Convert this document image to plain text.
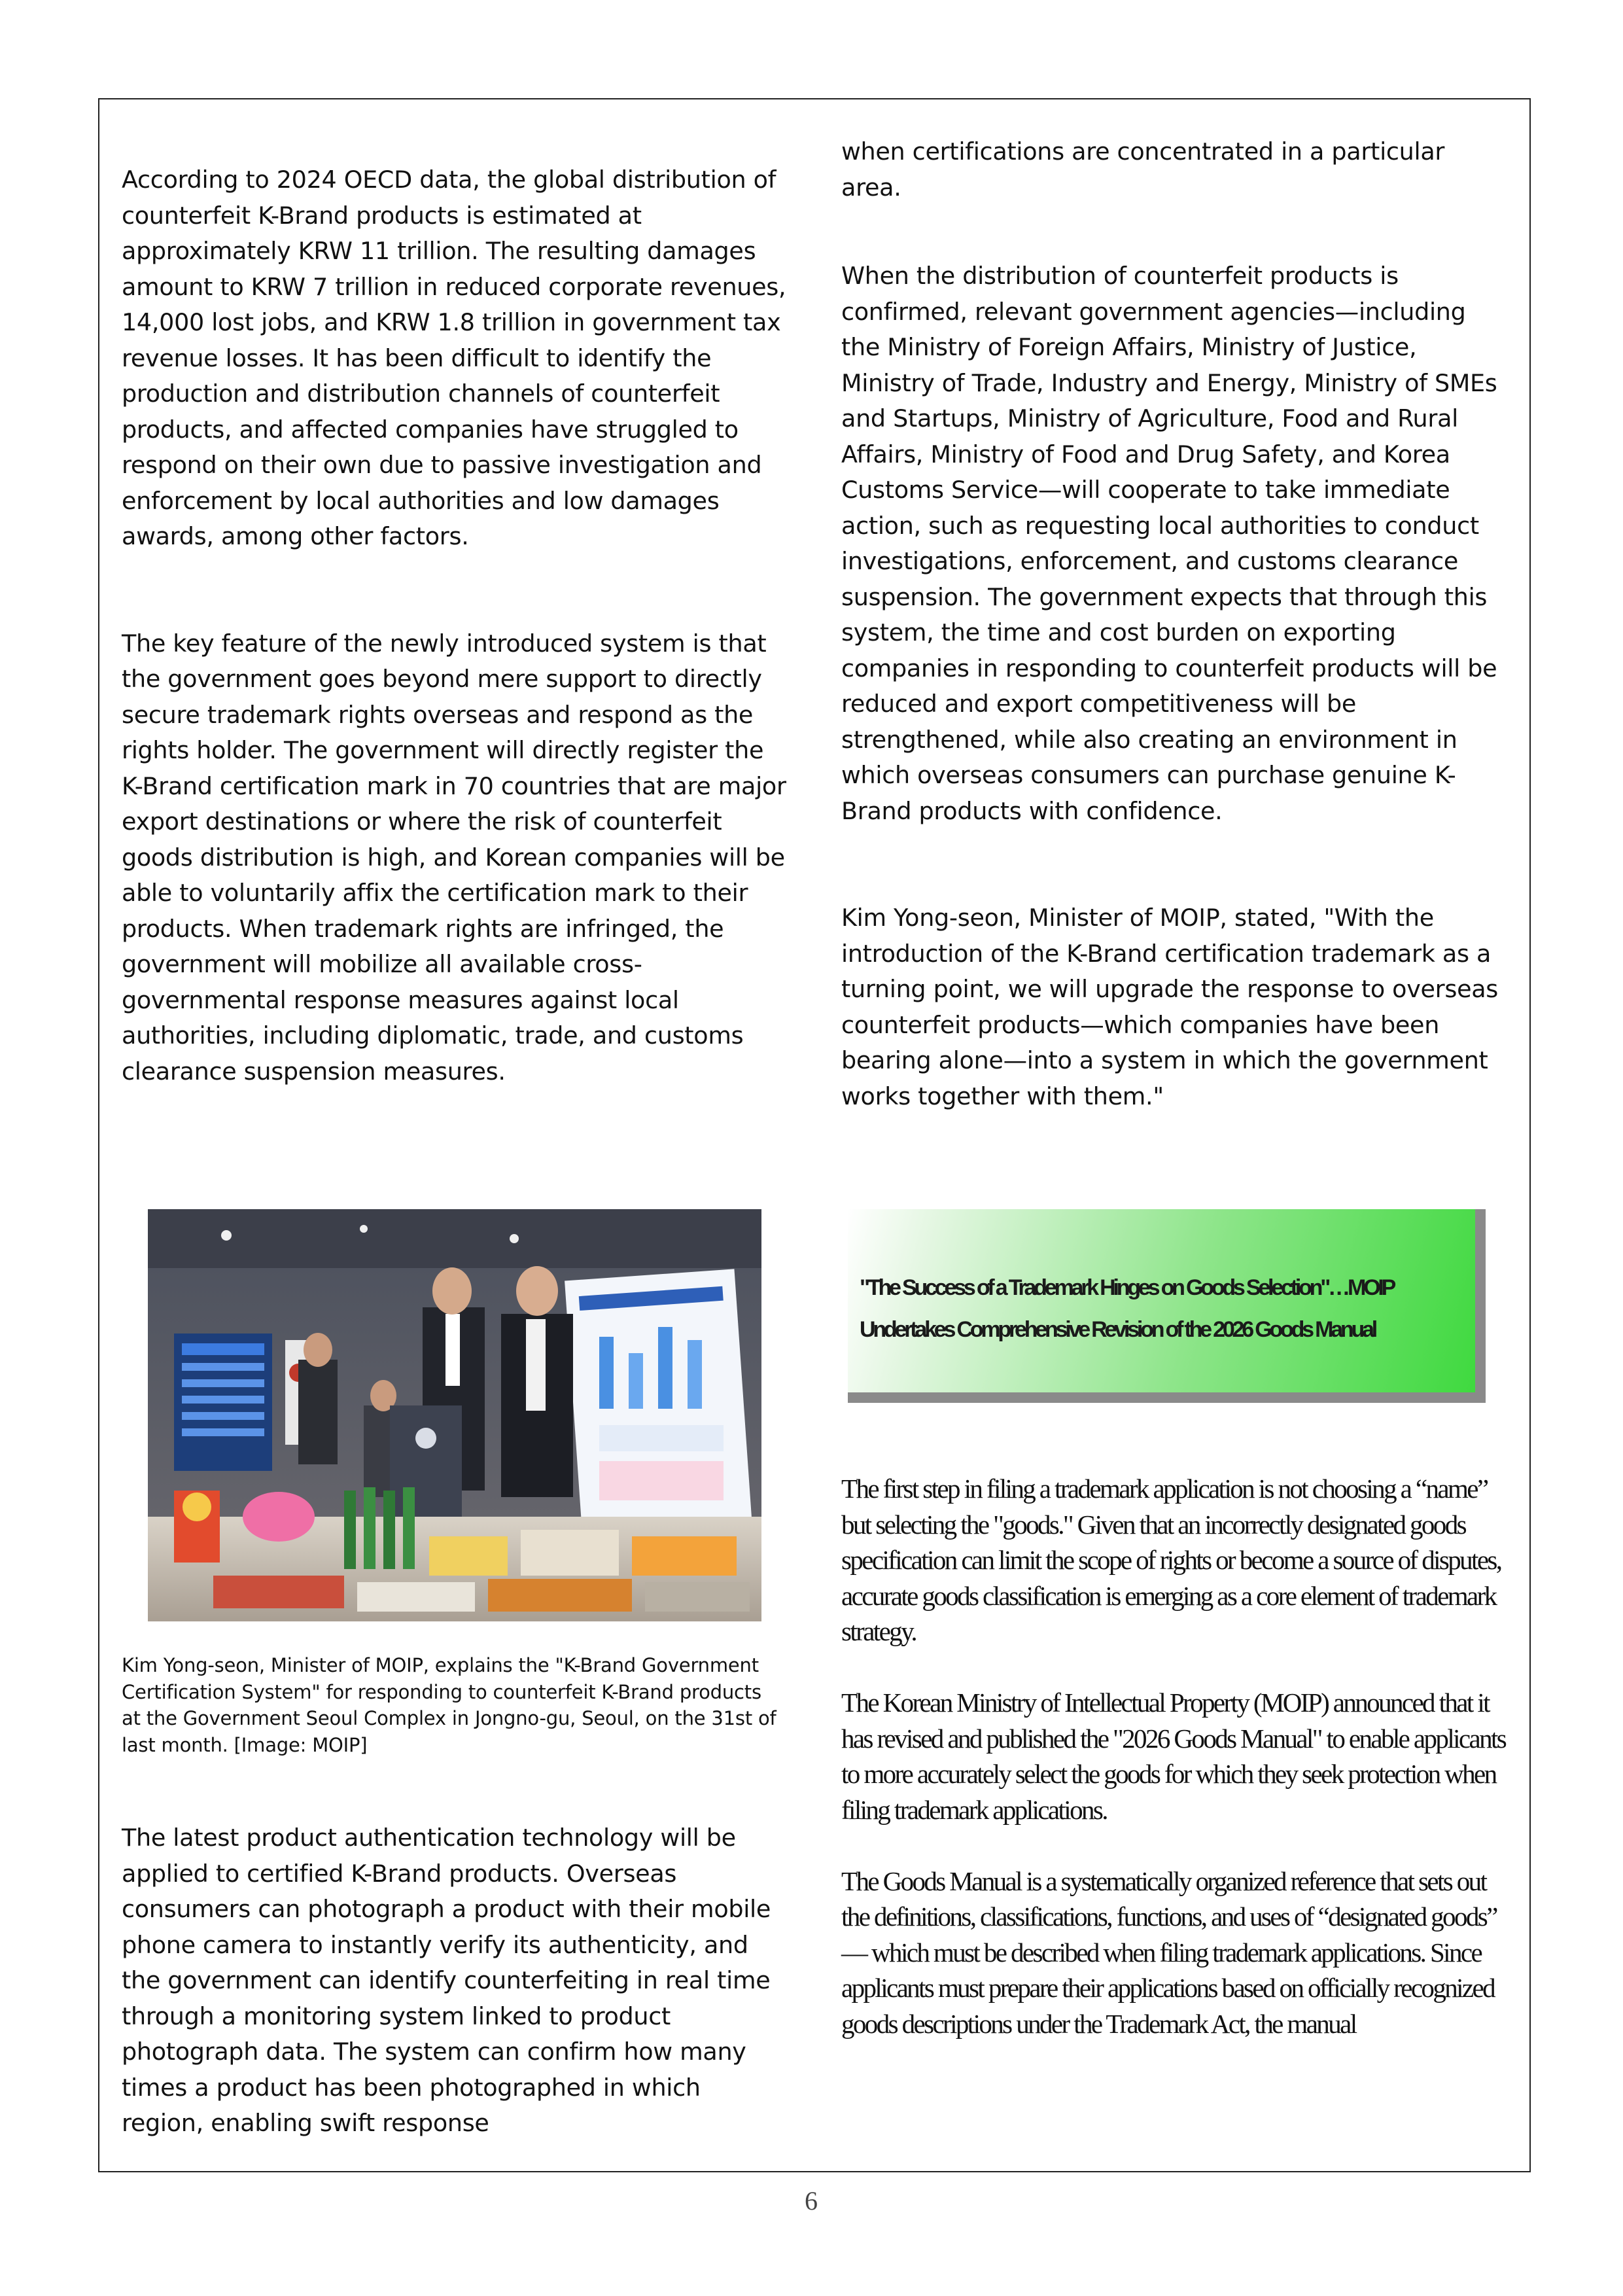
According to 2024 OECD data, the global distribution of counterfeit K-Brand products is estimated at approximately KRW 11 trillion. The resulting damages amount to KRW 7 trillion in reduced corporate revenues, 14,000 lost jobs, and KRW 1.8 trillion in government tax revenue losses. It has been difficult to identify the production and distribution channels of counterfeit products, and affected companies have struggled to respond on their own due to passive investigation and enforcement by local authorities and low damages awards, among other factors.

The key feature of the newly introduced system is that the government goes beyond mere support to directly secure trademark rights overseas and respond as the rights holder. The government will directly register the K-Brand certification mark in 70 countries that are major export destinations or where the risk of counterfeit goods distribution is high, and Korean companies will be able to voluntarily affix the certification mark to their products. When trademark rights are infringed, the government will mobilize all available cross-governmental response measures against local authorities, including diplomatic, trade, and customs clearance suspension measures.

when certifications are concentrated in a particular area.

When the distribution of counterfeit products is confirmed, relevant government agencies—including the Ministry of Foreign Affairs, Ministry of Justice, Ministry of Trade, Industry and Energy, Ministry of SMEs and Startups, Ministry of Agriculture, Food and Rural Affairs, Ministry of Food and Drug Safety, and Korea Customs Service—will cooperate to take immediate action, such as requesting local authorities to conduct investigations, enforcement, and customs clearance suspension. The government expects that through this system, the time and cost burden on exporting companies in responding to counterfeit products will be reduced and export competitiveness will be strengthened, while also creating an environment in which overseas consumers can purchase genuine K-Brand products with confidence.

Kim Yong-seon, Minister of MOIP, stated, "With the introduction of the K-Brand certification trademark as a turning point, we will upgrade the response to overseas counterfeit products—which companies have been bearing alone—into a system in which the government works together with them."

Kim Yong-seon, Minister of MOIP, explains the "K-Brand Government Certification System" for responding to counterfeit K-Brand products at the Government Seoul Complex in Jongno-gu, Seoul, on the 31st of last month. [Image: MOIP]

The latest product authentication technology will be applied to certified K-Brand products. Overseas consumers can photograph a product with their mobile phone camera to instantly verify its authenticity, and the government can identify counterfeiting in real time through a monitoring system linked to product photograph data. The system can confirm how many times a product has been photographed in which region, enabling swift response

"The Success of a Trademark Hinges on Goods Selection"…MOIP Undertakes Comprehensive Revision of the 2026 Goods Manual

The first step in filing a trademark application is not choosing a “name” but selecting the "goods." Given that an incorrectly designated goods specification can limit the scope of rights or become a source of disputes, accurate goods classification is emerging as a core element of trademark strategy.

The Korean Ministry of Intellectual Property (MOIP) announced that it has revised and published the "2026 Goods Manual" to enable applicants to more accurately select the goods for which they seek protection when filing trademark applications.

The Goods Manual is a systematically organized reference that sets out the definitions, classifications, functions, and uses of “designated goods” — which must be described when filing trademark applications. Since applicants must prepare their applications based on officially recognized goods descriptions under the Trademark Act, the manual

6
